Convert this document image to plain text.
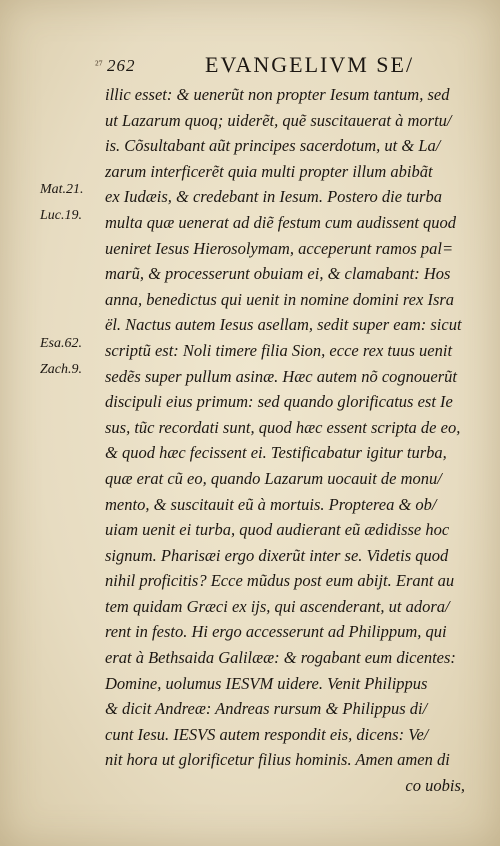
²⁷ 262	EVANGELIVM SE/
illic esset: & uenerũt non propter Iesum tantum, sed
ut Lazarum quoq; uiderẽt, quẽ suscitauerat à mortu/
is. Cõsultabant aũt principes sacerdotum, ut & La/
zarum interficerẽt quia multi propter illum abibãt
ex Iudæis, & credebant in Iesum. Postero die turba
multa quæ uenerat ad diẽ festum cum audissent quod
ueniret Iesus Hierosolymam, acceperunt ramos pal=
marũ, & processerunt obuiam ei, & clamabant: Hos
anna, benedictus qui uenit in nomine domini rex Isra
ël. Nactus autem Iesus asellam, sedit super eam: sicut
scriptũ est: Noli timere filia Sion, ecce rex tuus uenit
sedẽs super pullum asinæ. Hæc autem nõ cognouerũt
discipuli eius primum: sed quando glorificatus est Ie
sus, tũc recordati sunt, quod hæc essent scripta de eo,
& quod hæc fecissent ei. Testificabatur igitur turba,
quæ erat cũ eo, quando Lazarum uocauit de monu/
mento, & suscitauit eũ à mortuis. Propterea & ob/
uiam uenit ei turba, quod audierant eũ ædidisse hoc
signum. Pharisæi ergo dixerũt inter se. Videtis quod
nihil proficitis? Ecce mũdus post eum abijt. Erant au
tem quidam Græci ex ijs, qui ascenderant, ut adora/
rent in festo. Hi ergo accesserunt ad Philippum, qui
erat à Bethsaida Galilææ: & rogabant eum dicentes:
Domine, uolumus IESVM uidere. Venit Philippus
& dicit Andreæ: Andreas rursum & Philippus di/
cunt Iesu. IESVS autem respondit eis, dicens: Ve/
nit hora ut glorificetur filius hominis. Amen amen di
co uobis,
Mat.21.
Luc.19.
Esa.62.
Zach.9.
